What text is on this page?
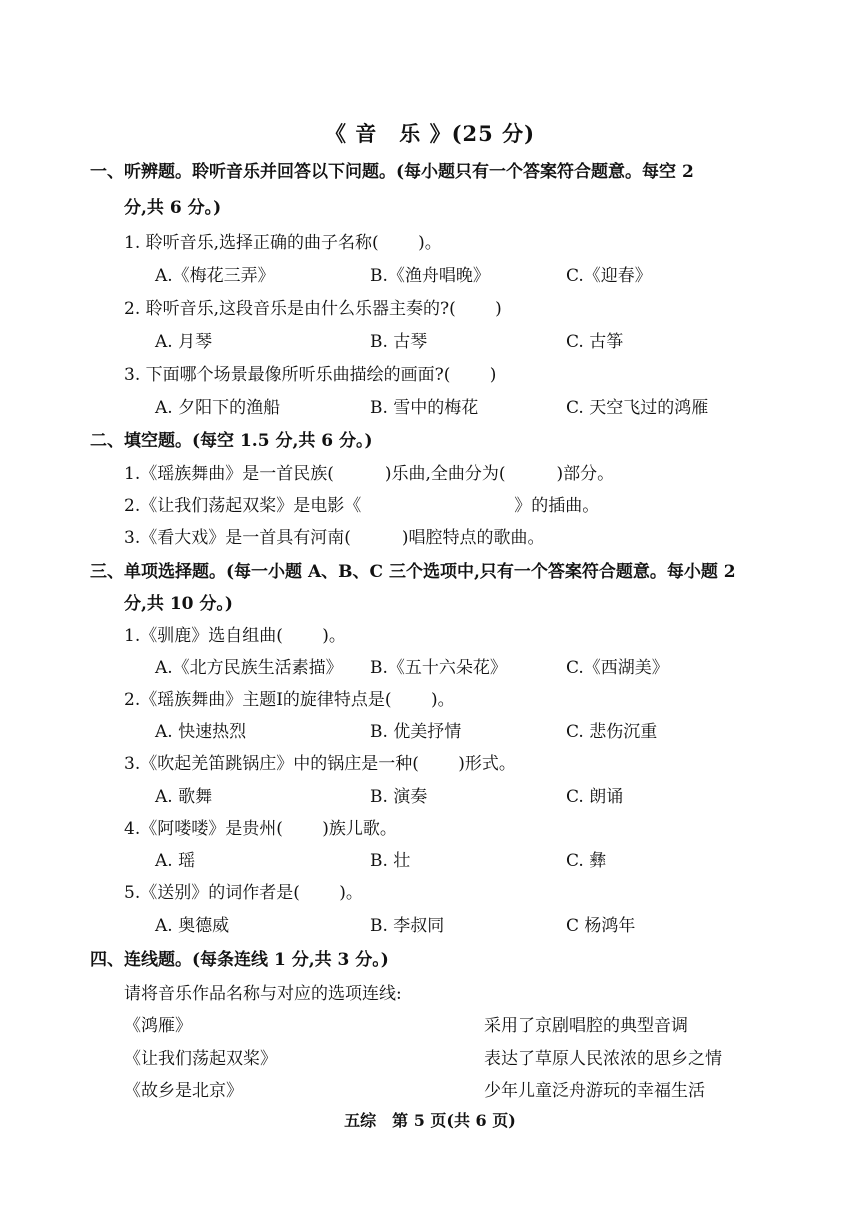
《 音　乐 》(25 分)
一、听辨题。聆听音乐并回答以下问题。(每小题只有一个答案符合题意。每空 2
分,共 6 分。)
1. 聆听音乐,选择正确的曲子名称(　　 )。
A.《梅花三弄》	B.《渔舟唱晚》	C.《迎春》
2. 聆听音乐,这段音乐是由什么乐器主奏的?(　　 )
A. 月琴	B. 古琴	C. 古筝
3. 下面哪个场景最像所听乐曲描绘的画面?(　　 )
A. 夕阳下的渔船	B. 雪中的梅花	C. 天空飞过的鸿雁
二、填空题。(每空 1.5 分,共 6 分。)
1.《瑶族舞曲》是一首民族(　　　)乐曲,全曲分为(　　　)部分。
2.《让我们荡起双桨》是电影《　　　　　　　　　》的插曲。
3.《看大戏》是一首具有河南(　　　)唱腔特点的歌曲。
三、单项选择题。(每一小题 A、B、C 三个选项中,只有一个答案符合题意。每小题 2
分,共 10 分。)
1.《驯鹿》选自组曲(　　 )。
A.《北方民族生活素描》 B.《五十六朵花》	C.《西湖美》
2.《瑶族舞曲》主题Ⅰ的旋律特点是(　　 )。
A. 快速热烈	B. 优美抒情	C. 悲伤沉重
3.《吹起羌笛跳锅庄》中的锅庄是一种(　　 )形式。
A. 歌舞	B. 演奏	C. 朗诵
4.《阿喽喽》是贵州(　　 )族儿歌。
A. 瑶	B. 壮	C. 彝
5.《送别》的词作者是(　　 )。
A. 奥德威	B. 李叔同	C 杨鸿年
四、连线题。(每条连线 1 分,共 3 分。)
请将音乐作品名称与对应的选项连线:
《鸿雁》	采用了京剧唱腔的典型音调
《让我们荡起双桨》	表达了草原人民浓浓的思乡之情
《故乡是北京》	少年儿童泛舟游玩的幸福生活
五综　第 5 页(共 6 页)
